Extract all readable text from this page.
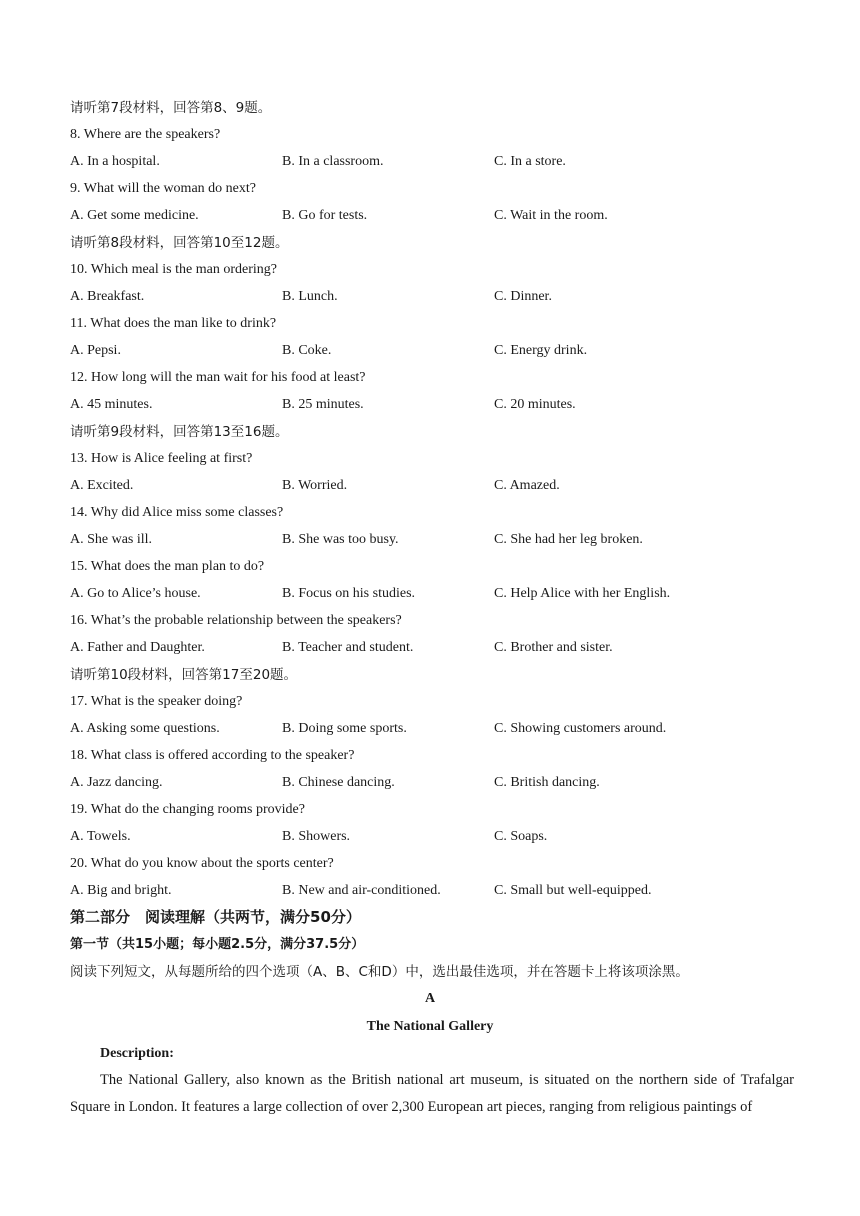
请听第7段材料，回答第8、9题。
8. Where are the speakers?
A. In a hospital.	B. In a classroom.	C. In a store.
9. What will the woman do next?
A. Get some medicine.	B. Go for tests.	C. Wait in the room.
请听第8段材料，回答第10至12题。
10. Which meal is the man ordering?
A. Breakfast.	B. Lunch.	C. Dinner.
11. What does the man like to drink?
A. Pepsi.	B. Coke.	C. Energy drink.
12. How long will the man wait for his food at least?
A. 45 minutes.	B. 25 minutes.	C. 20 minutes.
请听第9段材料，回答第13至16题。
13. How is Alice feeling at first?
A. Excited.	B. Worried.	C. Amazed.
14. Why did Alice miss some classes?
A. She was ill.	B. She was too busy.	C. She had her leg broken.
15. What does the man plan to do?
A. Go to Alice’s house.	B. Focus on his studies.	C. Help Alice with her English.
16. What’s the probable relationship between the speakers?
A. Father and Daughter.	B. Teacher and student.	C. Brother and sister.
请听第10段材料，回答第17至20题。
17. What is the speaker doing?
A. Asking some questions.	B. Doing some sports.	C. Showing customers around.
18. What class is offered according to the speaker?
A. Jazz dancing.	B. Chinese dancing.	C. British dancing.
19. What do the changing rooms provide?
A. Towels.	B. Showers.	C. Soaps.
20. What do you know about the sports center?
A. Big and bright.	B. New and air-conditioned.	C. Small but well-equipped.
第二部分　阅读理解（共两节，满分50分）
第一节（共15小题；每小题2.5分，满分37.5分）
阅读下列短文，从每题所给的四个选项（A、B、C和D）中，选出最佳选项，并在答题卡上将该项涂黑。
A
The National Gallery
Description:
The National Gallery, also known as the British national art museum, is situated on the northern side of Trafalgar Square in London. It features a large collection of over 2,300 European art pieces, ranging from religious paintings of
